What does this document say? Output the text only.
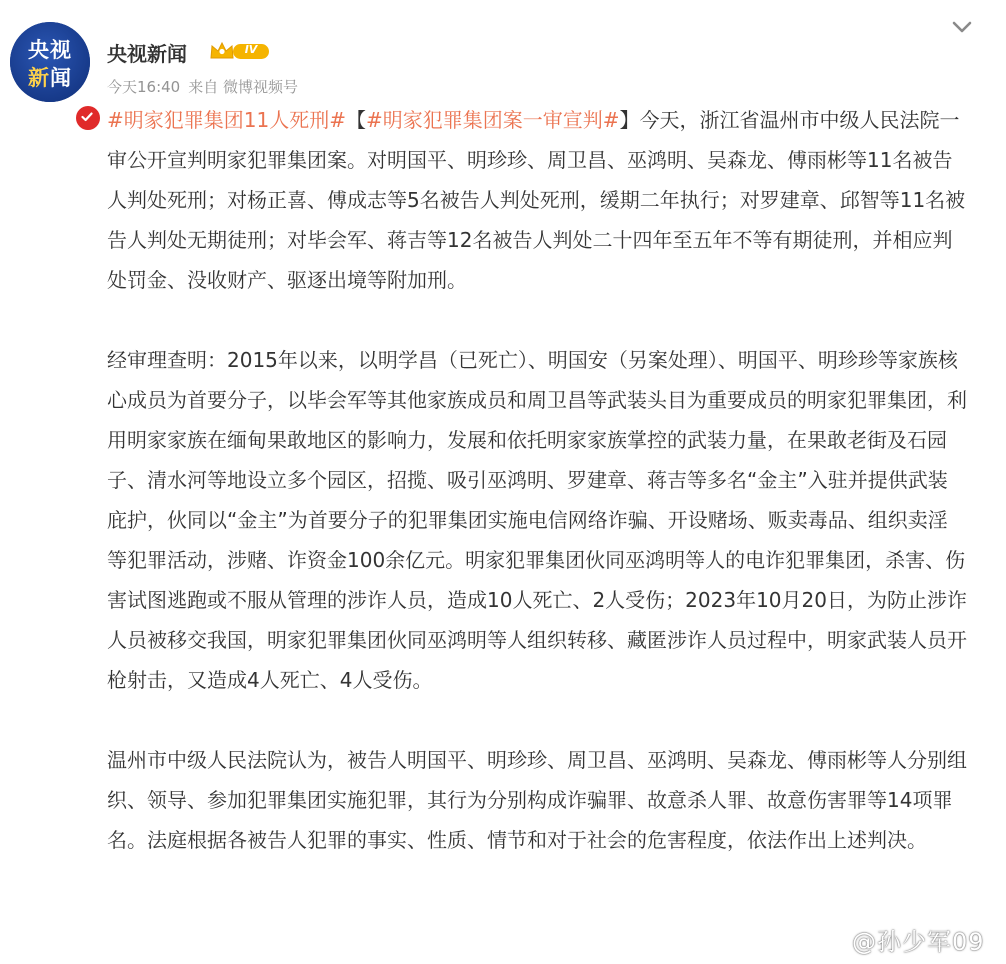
央视
新闻
央视新闻	IV
今天16:40 来自 微博视频号

#明家犯罪集团11人死刑#【#明家犯罪集团案一审宣判#】今天，浙江省温州市中级人民法院一审公开宣判明家犯罪集团案。对明国平、明珍珍、周卫昌、巫鸿明、吴森龙、傅雨彬等11名被告人判处死刑；对杨正喜、傅成志等5名被告人判处死刑，缓期二年执行；对罗建章、邱智等11名被告人判处无期徒刑；对毕会军、蒋吉等12名被告人判处二十四年至五年不等有期徒刑，并相应判处罚金、没收财产、驱逐出境等附加刑。

经审理查明：2015年以来，以明学昌（已死亡）、明国安（另案处理）、明国平、明珍珍等家族核心成员为首要分子，以毕会军等其他家族成员和周卫昌等武装头目为重要成员的明家犯罪集团，利用明家家族在缅甸果敢地区的影响力，发展和依托明家家族掌控的武装力量，在果敢老街及石园子、清水河等地设立多个园区，招揽、吸引巫鸿明、罗建章、蒋吉等多名“金主”入驻并提供武装庇护，伙同以“金主”为首要分子的犯罪集团实施电信网络诈骗、开设赌场、贩卖毒品、组织卖淫等犯罪活动，涉赌、诈资金100余亿元。明家犯罪集团伙同巫鸿明等人的电诈犯罪集团，杀害、伤害试图逃跑或不服从管理的涉诈人员，造成10人死亡、2人受伤；2023年10月20日，为防止涉诈人员被移交我国，明家犯罪集团伙同巫鸿明等人组织转移、藏匿涉诈人员过程中，明家武装人员开枪射击，又造成4人死亡、4人受伤。

温州市中级人民法院认为，被告人明国平、明珍珍、周卫昌、巫鸿明、吴森龙、傅雨彬等人分别组织、领导、参加犯罪集团实施犯罪，其行为分别构成诈骗罪、故意杀人罪、故意伤害罪等14项罪名。法庭根据各被告人犯罪的事实、性质、情节和对于社会的危害程度，依法作出上述判决。

@孙少军09
